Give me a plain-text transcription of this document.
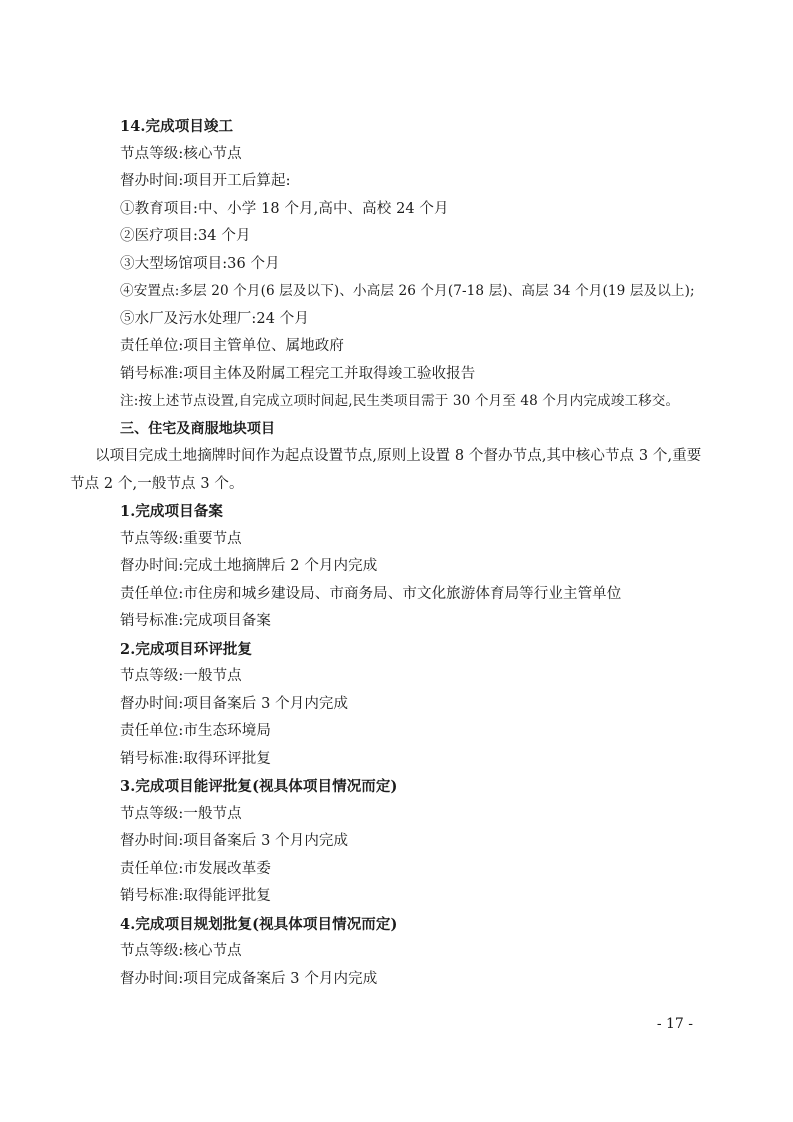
14.完成项目竣工
节点等级:核心节点
督办时间:项目开工后算起:
①教育项目:中、小学 18 个月,高中、高校 24 个月
②医疗项目:34 个月
③大型场馆项目:36 个月
④安置点:多层 20 个月(6 层及以下)、小高层 26 个月(7-18 层)、高层 34 个月(19 层及以上);
⑤水厂及污水处理厂:24 个月
责任单位:项目主管单位、属地政府
销号标准:项目主体及附属工程完工并取得竣工验收报告
注:按上述节点设置,自完成立项时间起,民生类项目需于 30 个月至 48 个月内完成竣工移交。
三、住宅及商服地块项目
以项目完成土地摘牌时间作为起点设置节点,原则上设置 8 个督办节点,其中核心节点 3 个,重要节点 2 个,一般节点 3 个。
1.完成项目备案
节点等级:重要节点
督办时间:完成土地摘牌后 2 个月内完成
责任单位:市住房和城乡建设局、市商务局、市文化旅游体育局等行业主管单位
销号标准:完成项目备案
2.完成项目环评批复
节点等级:一般节点
督办时间:项目备案后 3 个月内完成
责任单位:市生态环境局
销号标准:取得环评批复
3.完成项目能评批复(视具体项目情况而定)
节点等级:一般节点
督办时间:项目备案后 3 个月内完成
责任单位:市发展改革委
销号标准:取得能评批复
4.完成项目规划批复(视具体项目情况而定)
节点等级:核心节点
督办时间:项目完成备案后 3 个月内完成
- 17 -
